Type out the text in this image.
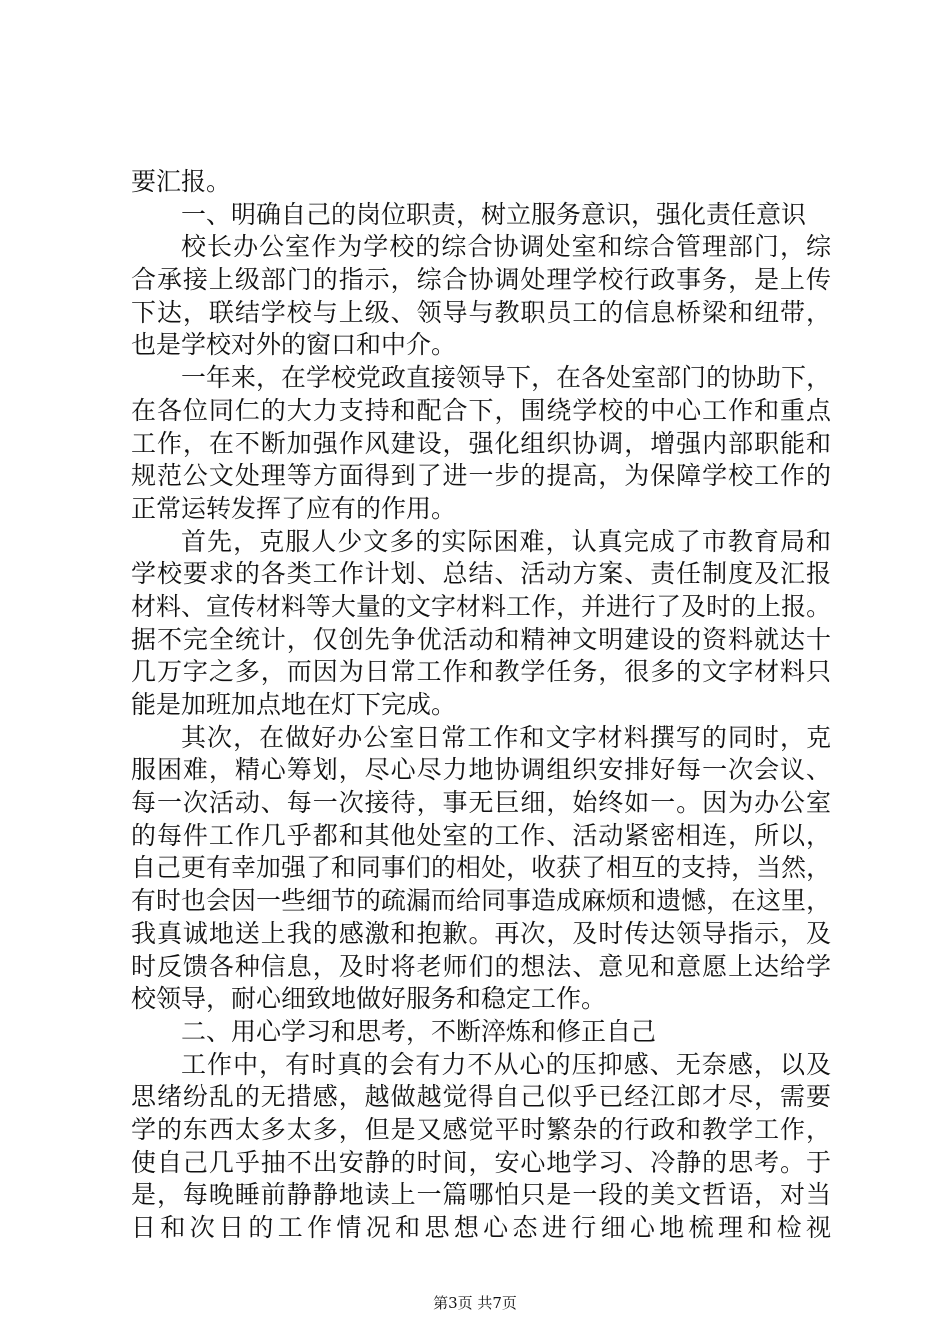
要汇报。
一、明确自己的岗位职责，树立服务意识，强化责任意识
校长办公室作为学校的综合协调处室和综合管理部门，综
合承接上级部门的指示，综合协调处理学校行政事务，是上传
下达，联结学校与上级、领导与教职员工的信息桥梁和纽带，
也是学校对外的窗口和中介。
一年来，在学校党政直接领导下，在各处室部门的协助下，
在各位同仁的大力支持和配合下，围绕学校的中心工作和重点
工作，在不断加强作风建设，强化组织协调，增强内部职能和
规范公文处理等方面得到了进一步的提高，为保障学校工作的
正常运转发挥了应有的作用。
首先，克服人少文多的实际困难，认真完成了市教育局和
学校要求的各类工作计划、总结、活动方案、责任制度及汇报
材料、宣传材料等大量的文字材料工作，并进行了及时的上报。
据不完全统计，仅创先争优活动和精神文明建设的资料就达十
几万字之多，而因为日常工作和教学任务，很多的文字材料只
能是加班加点地在灯下完成。
其次，在做好办公室日常工作和文字材料撰写的同时，克
服困难，精心筹划，尽心尽力地协调组织安排好每一次会议、
每一次活动、每一次接待，事无巨细，始终如一。因为办公室
的每件工作几乎都和其他处室的工作、活动紧密相连，所以，
自己更有幸加强了和同事们的相处，收获了相互的支持，当然，
有时也会因一些细节的疏漏而给同事造成麻烦和遗憾，在这里，
我真诚地送上我的感激和抱歉。再次，及时传达领导指示，及
时反馈各种信息，及时将老师们的想法、意见和意愿上达给学
校领导，耐心细致地做好服务和稳定工作。
二、用心学习和思考，不断淬炼和修正自己
工作中，有时真的会有力不从心的压抑感、无奈感，以及
思绪纷乱的无措感，越做越觉得自己似乎已经江郎才尽，需要
学的东西太多太多，但是又感觉平时繁杂的行政和教学工作，
使自己几乎抽不出安静的时间，安心地学习、冷静的思考。于
是，每晚睡前静静地读上一篇哪怕只是一段的美文哲语，对当
日和次日的工作情况和思想心态进行细心地梳理和检视
第3页 共7页
